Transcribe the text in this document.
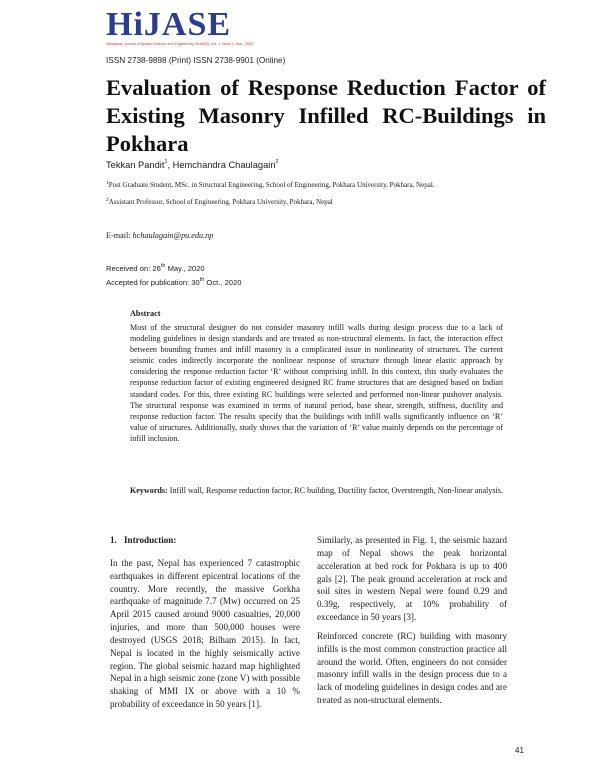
HiJASE
Himalayan Journal of Applied Science and Engineering (HiJASE), Vol. 1, Issue 1, Nov., 2020
ISSN 2738-9898 (Print) ISSN 2738-9901 (Online)
Evaluation of Response Reduction Factor of Existing Masonry Infilled RC-Buildings in Pokhara
Tekkan Pandit$^1$, Hemchandra Chaulagain$^2$
$^1$Post Graduate Student, MSc. in Structural Engineering, School of Engineering, Pokhara University, Pokhara, Nepal.
$^2$Assistant Professor, School of Engineering, Pokhara University, Pokhara, Nepal
E-mail: hchaulagain@pu.edu.np
Received on: 26th May., 2020
Accepted for publication: 30th Oct., 2020
Abstract

Most of the structural designer do not consider masonry infill walls during design process due to a lack of modeling guidelines in design standards and are treated as non-structural elements. In fact, the interaction effect between bounding frames and infill masonry is a complicated issue in nonlinearity of structures. The current seismic codes indirectly incorporate the nonlinear response of structure through linear elastic approach by considering the response reduction factor ‘R’ without comprising infill. In this context, this study evaluates the response reduction factor of existing engineered designed RC frame structures that are designed based on Indian standard codes. For this, three existing RC buildings were selected and performed non-linear pushover analysis. The structural response was examined in terms of natural period, base shear, strength, stiffness, ductility and response reduction factor. The results specify that the buildings with infill walls significantly influence on ‘R’ value of structures. Additionally, study shows that the variation of ‘R’ value mainly depends on the percentage of infill inclusion.

Keywords: Infill wall, Response reduction factor, RC building, Ductility factor, Overstrength, Non-linear analysis.

1. Introduction:

In the past, Nepal has experienced 7 catastrophic earthquakes in different epicentral locations of the country. More recently, the massive Gorkha earthquake of magnitude 7.7 (Mw) occurred on 25 April 2015 caused around 9000 casualties, 20,000 injuries, and more than 500,000 houses were destroyed (USGS 2018; Bilham 2015). In fact, Nepal is located in the highly seismically active region. The global seismic hazard map highlighted Nepal in a high seismic zone (zone V) with possible shaking of MMI IX or above with a 10 % probability of exceedance in 50 years [1].

Similarly, as presented in Fig. 1, the seismic hazard map of Nepal shows the peak horizontal acceleration at bed rock for Pokhara is up to 400 gals [2]. The peak ground acceleration at rock and soil sites in western Nepal were found 0.29 and 0.39g, respectively, at 10% probability of exceedance in 50 years [3].

Reinforced concrete (RC) building with masonry infills is the most common construction practice all around the world. Often, engineers do not consider masonry infill walls in the design process due to a lack of modeling guidelines in design codes and are treated as non-structural elements.

41
